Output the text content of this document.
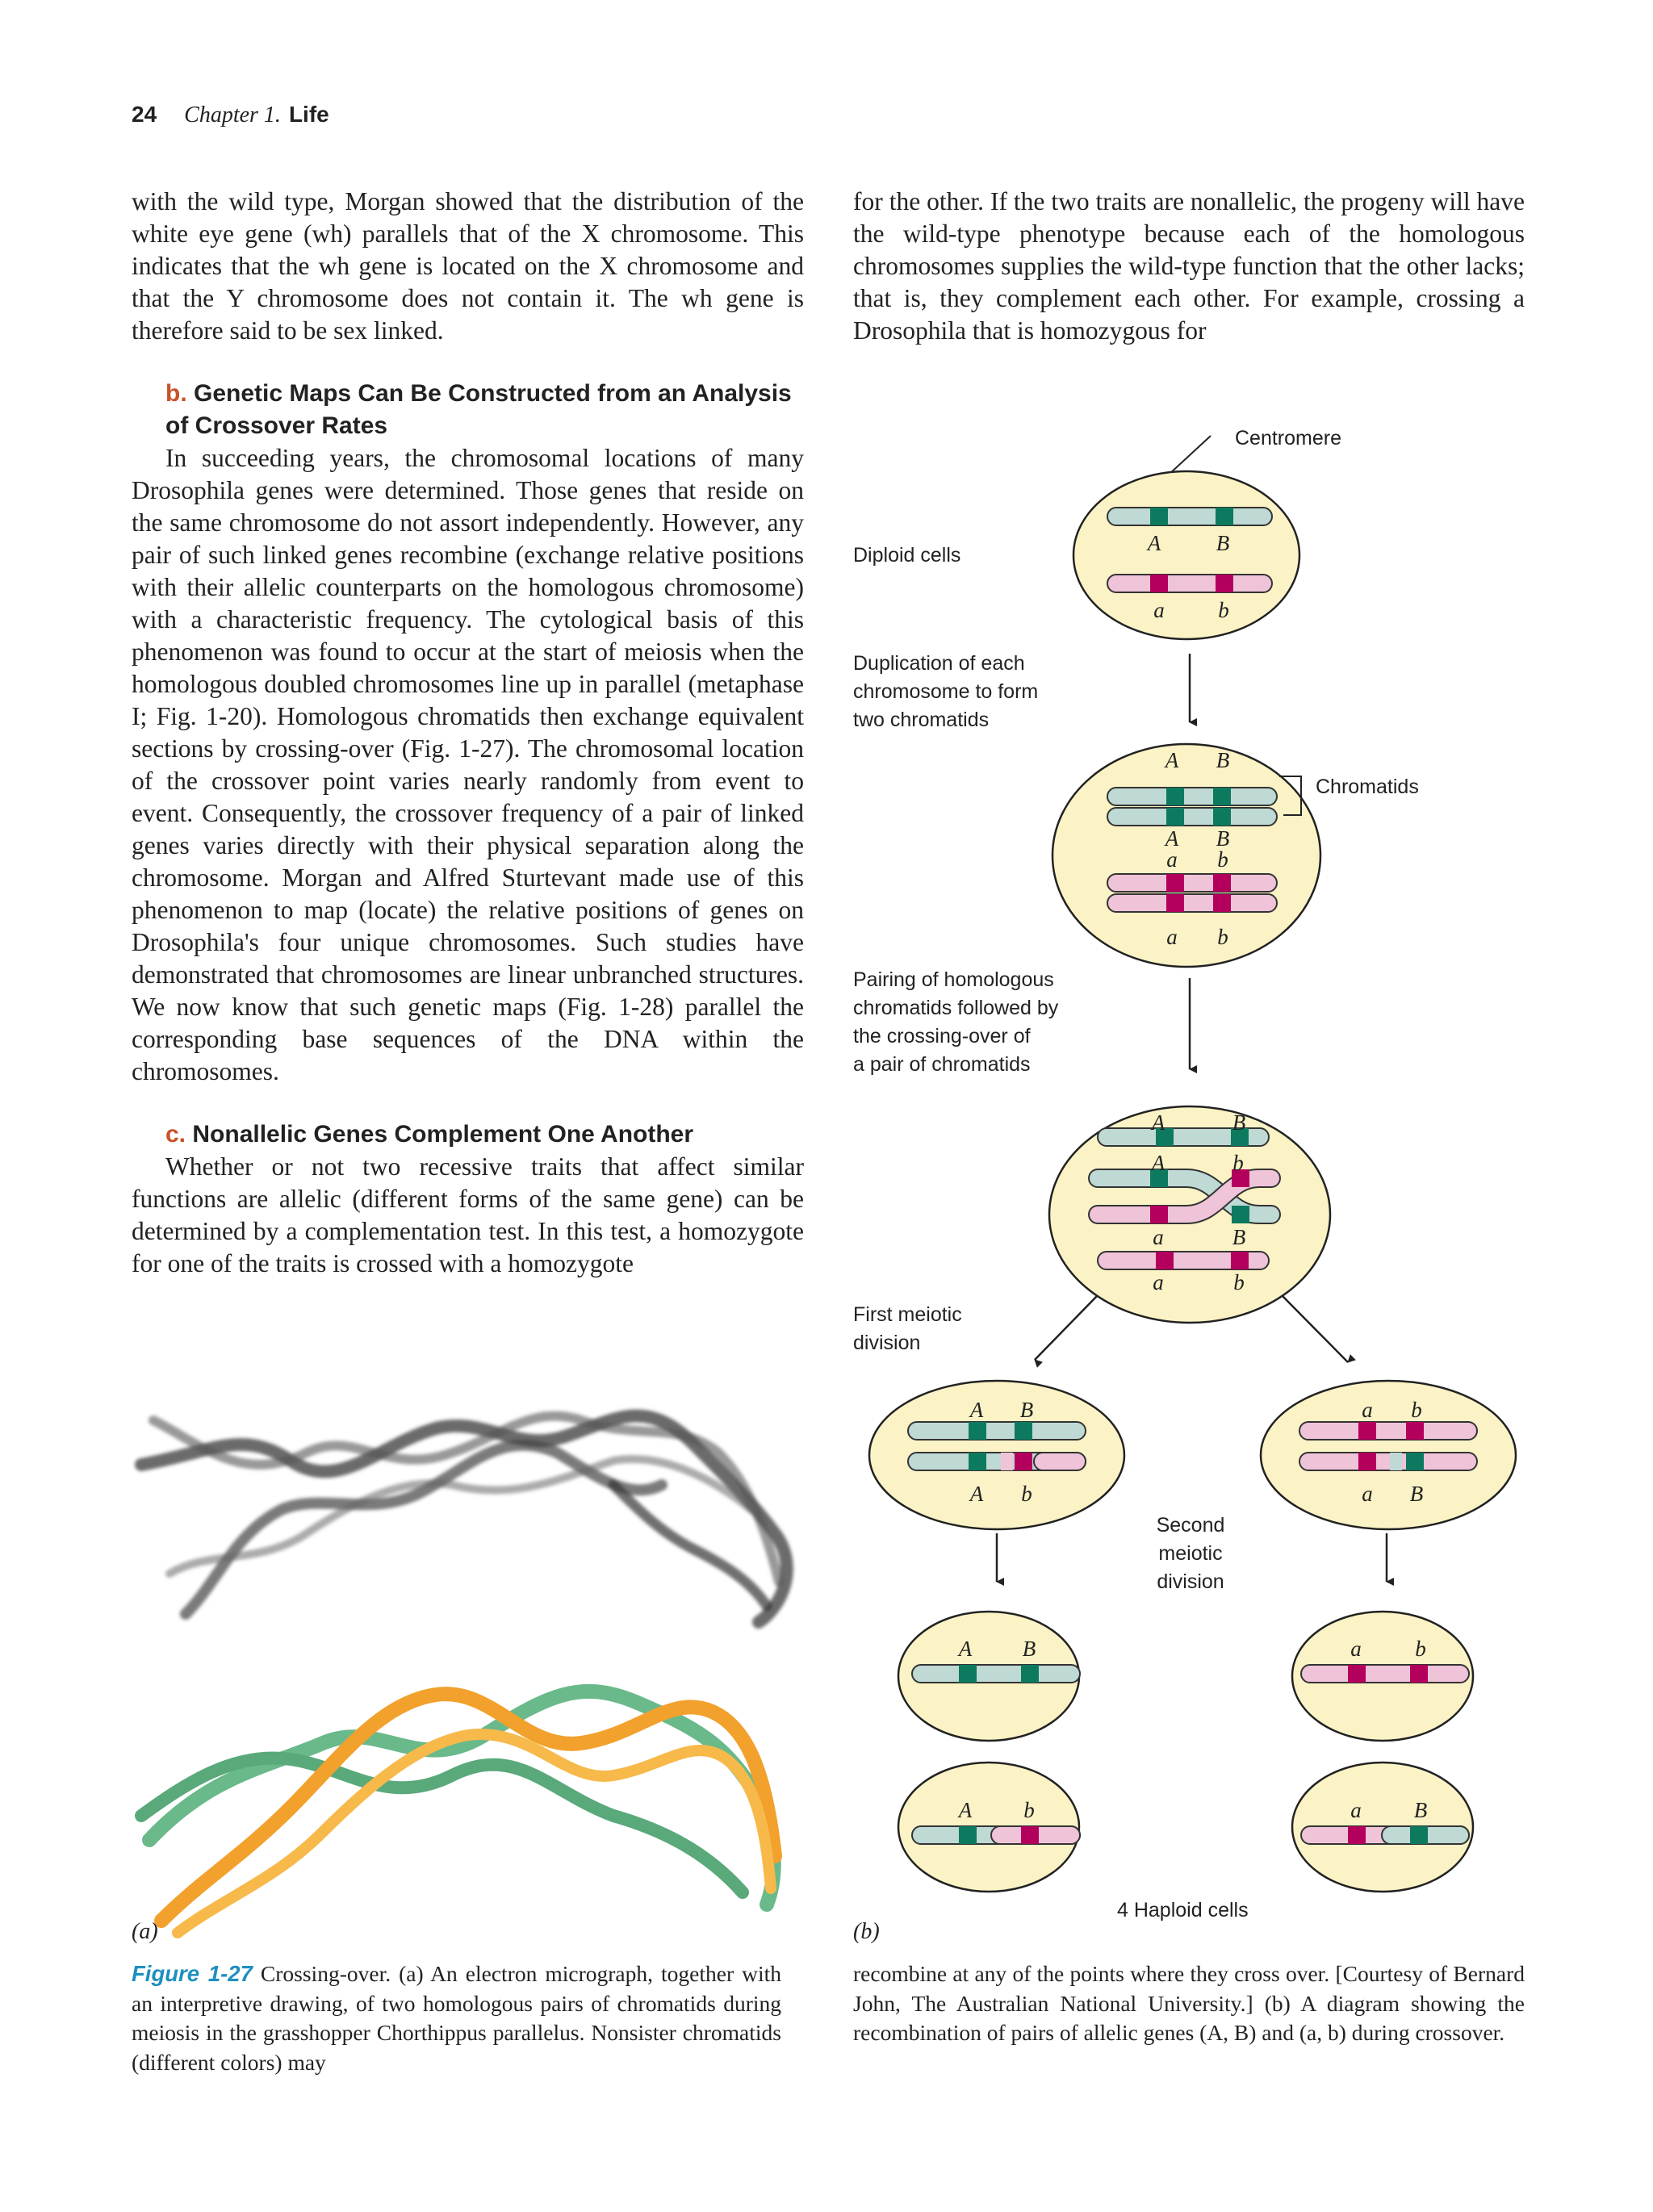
24 Chapter 1. Life

with the wild type, Morgan showed that the distribution of the white eye gene (wh) parallels that of the X chromosome. This indicates that the wh gene is located on the X chromosome and that the Y chromosome does not contain it. The wh gene is therefore said to be sex linked.

b. Genetic Maps Can Be Constructed from an Analysis of Crossover Rates

In succeeding years, the chromosomal locations of many Drosophila genes were determined. Those genes that reside on the same chromosome do not assort independently. However, any pair of such linked genes recombine (exchange relative positions with their allelic counterparts on the homologous chromosome) with a characteristic frequency. The cytological basis of this phenomenon was found to occur at the start of meiosis when the homologous doubled chromosomes line up in parallel (metaphase I; Fig. 1-20). Homologous chromatids then exchange equivalent sections by crossing-over (Fig. 1-27). The chromosomal location of the crossover point varies nearly randomly from event to event. Consequently, the crossover frequency of a pair of linked genes varies directly with their physical separation along the chromosome. Morgan and Alfred Sturtevant made use of this phenomenon to map (locate) the relative positions of genes on Drosophila's four unique chromosomes. Such studies have demonstrated that chromosomes are linear unbranched structures. We now know that such genetic maps (Fig. 1-28) parallel the corresponding base sequences of the DNA within the chromosomes.

c. Nonallelic Genes Complement One Another

Whether or not two recessive traits that affect similar functions are allelic (different forms of the same gene) can be determined by a complementation test. In this test, a homozygote for one of the traits is crossed with a homozygote

for the other. If the two traits are nonallelic, the progeny will have the wild-type phenotype because each of the homologous chromosomes supplies the wild-type function that the other lacks; that is, they complement each other. For example, crossing a Drosophila that is homozygous for

A	B
a b
A B
A B
a b
a b
A	B
A	b
a	B
a	b
A B
A b
a b
a B
A B	a b
A b	a B
Centromere
Diploid cells
Duplication of each
chromosome to form
two chromatids
Chromatids
Pairing of homologous
chromatids followed by
the crossing-over of
a pair of chromatids
First meiotic
division
Second
meiotic
division
4 Haploid cells
(a)	(b)
Figure 1-27 Crossing-over. (a) An electron micrograph, together with an interpretive drawing, of two homologous pairs of chromatids during meiosis in the grasshopper Chorthippus parallelus. Nonsister chromatids (different colors) may
recombine at any of the points where they cross over. [Courtesy of Bernard John, The Australian National University.] (b) A diagram showing the recombination of pairs of allelic genes (A, B) and (a, b) during crossover.
